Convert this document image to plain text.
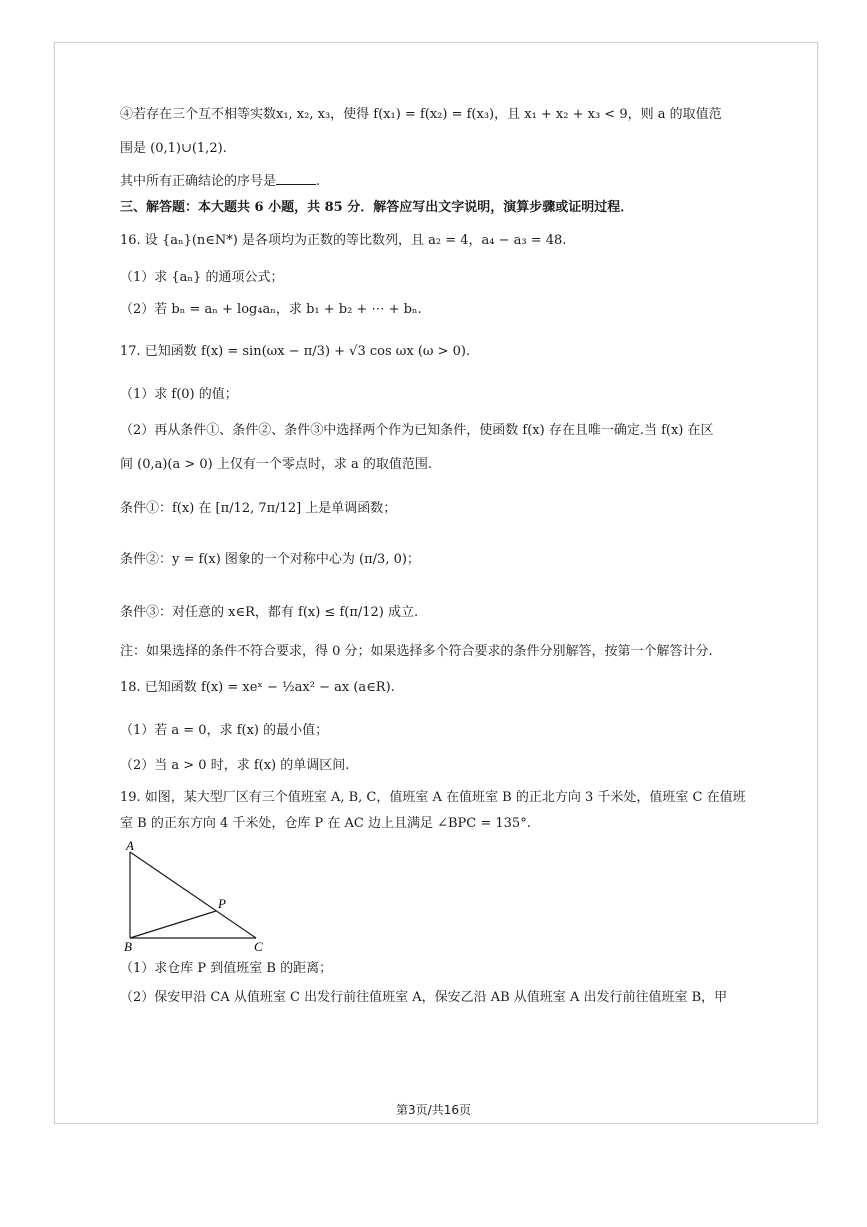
④若存在三个互不相等实数x₁, x₂, x₃，使得 f(x₁) = f(x₂) = f(x₃)，且 x₁ + x₂ + x₃ < 9，则 a 的取值范
围是 (0,1)∪(1,2).
其中所有正确结论的序号是	.
三、解答题：本大题共 6 小题，共 85 分．解答应写出文字说明，演算步骤或证明过程．
16. 设 {aₙ}(n∈N*) 是各项均为正数的等比数列，且 a₂ = 4，a₄ − a₃ = 48.
（1）求 {aₙ} 的通项公式；
（2）若 bₙ = aₙ + log₄aₙ，求 b₁ + b₂ + ⋯ + bₙ.
17. 已知函数 f(x) = sin(ωx − π/3) + √3 cos ωx (ω > 0).
（1）求 f(0) 的值；
（2）再从条件①、条件②、条件③中选择两个作为已知条件，使函数 f(x) 存在且唯一确定.当 f(x) 在区
间 (0,a)(a > 0) 上仅有一个零点时，求 a 的取值范围.
条件①：f(x) 在 [π/12, 7π/12] 上是单调函数；
条件②：y = f(x) 图象的一个对称中心为 (π/3, 0)；
条件③：对任意的 x∈R，都有 f(x) ≤ f(π/12) 成立.
注：如果选择的条件不符合要求，得 0 分；如果选择多个符合要求的条件分别解答，按第一个解答计分.
18. 已知函数 f(x) = xeˣ − ½ax² − ax (a∈R).
（1）若 a = 0，求 f(x) 的最小值；
（2）当 a > 0 时，求 f(x) 的单调区间.
19. 如图，某大型厂区有三个值班室 A, B, C，值班室 A 在值班室 B 的正北方向 3 千米处，值班室 C 在值班
室 B 的正东方向 4 千米处，仓库 P 在 AC 边上且满足 ∠BPC = 135°.
A
B	C
P
（1）求仓库 P 到值班室 B 的距离；
（2）保安甲沿 CA 从值班室 C 出发行前往值班室 A，保安乙沿 AB 从值班室 A 出发行前往值班室 B，甲
第3页/共16页
